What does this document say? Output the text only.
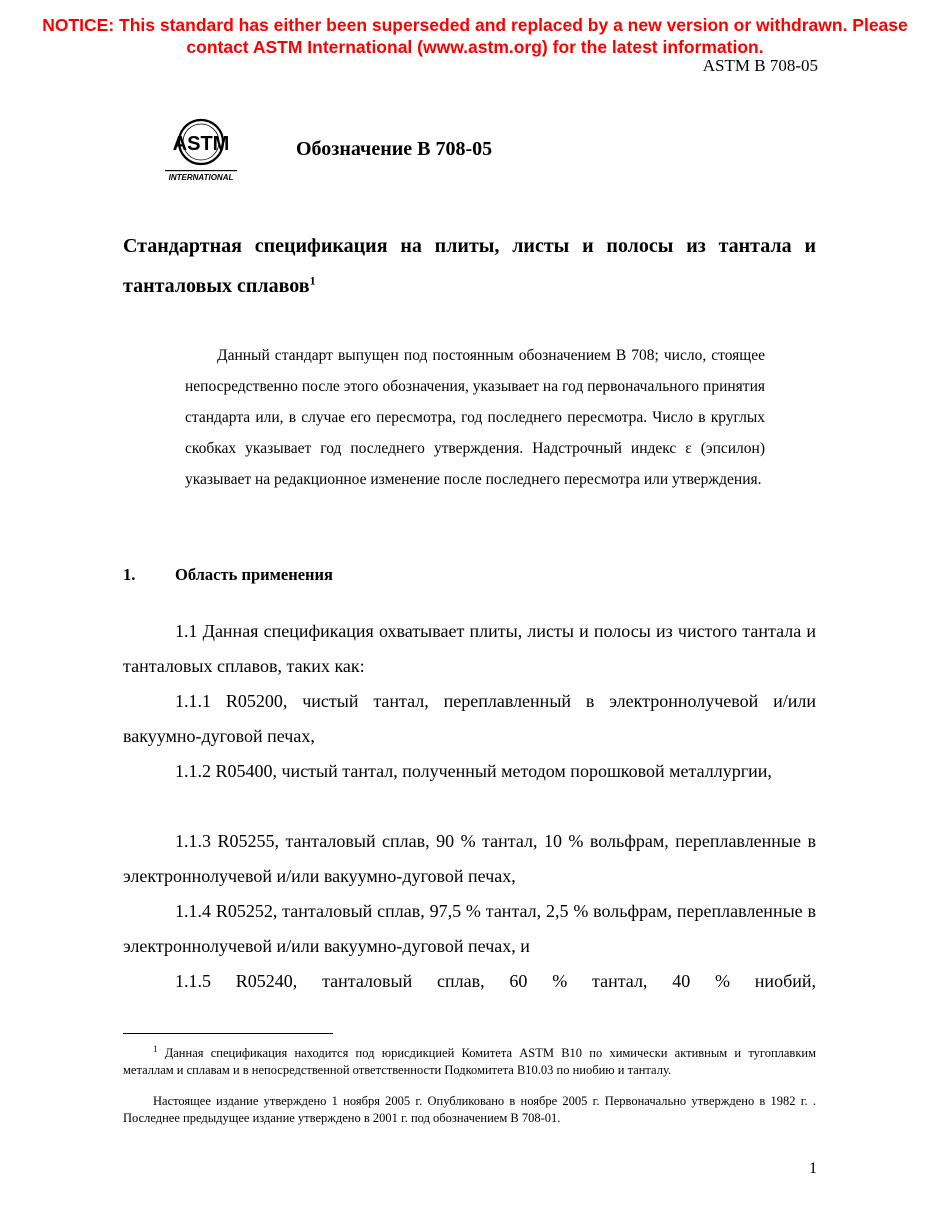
NOTICE: This standard has either been superseded and replaced by a new version or withdrawn. Please
contact ASTM International (www.astm.org) for the latest information.
ASTM B 708-05
ASTM
INTERNATIONAL
Обозначение B 708-05
Стандартная спецификация на плиты, листы и полосы из тантала и танталовых сплавов$^1$
Данный стандарт выпущен под постоянным обозначением B 708; число, стоящее непосредственно после этого обозначения, указывает на год первоначального принятия стандарта или, в случае его пересмотра, год последнего пересмотра. Число в круглых скобках указывает год последнего утверждения. Надстрочный индекс ε (эпсилон) указывает на редакционное изменение после последнего пересмотра или утверждения.
1. Область применения
1.1 Данная спецификация охватывает плиты, листы и полосы из чистого тантала и танталовых сплавов, таких как:
1.1.1 R05200, чистый тантал, переплавленный в электроннолучевой и/или вакуумно-дуговой печах,
1.1.2 R05400, чистый тантал, полученный методом порошковой металлургии,
1.1.3 R05255, танталовый сплав, 90 % тантал, 10 % вольфрам, переплавленные в электроннолучевой и/или вакуумно-дуговой печах,
1.1.4 R05252, танталовый сплав, 97,5 % тантал, 2,5 % вольфрам, переплавленные в электроннолучевой и/или вакуумно-дуговой печах, и
1.1.5 R05240, танталовый сплав, 60 % тантал, 40 % ниобий,
$^1$ Данная спецификация находится под юрисдикцией Комитета ASTM B10 по химически активным и тугоплавким металлам и сплавам и в непосредственной ответственности Подкомитета B10.03 по ниобию и танталу.
Настоящее издание утверждено 1 ноября 2005 г. Опубликовано в ноябре 2005 г. Первоначально утверждено в 1982 г. . Последнее предыдущее издание утверждено в 2001 г. под обозначением B 708-01.
1
